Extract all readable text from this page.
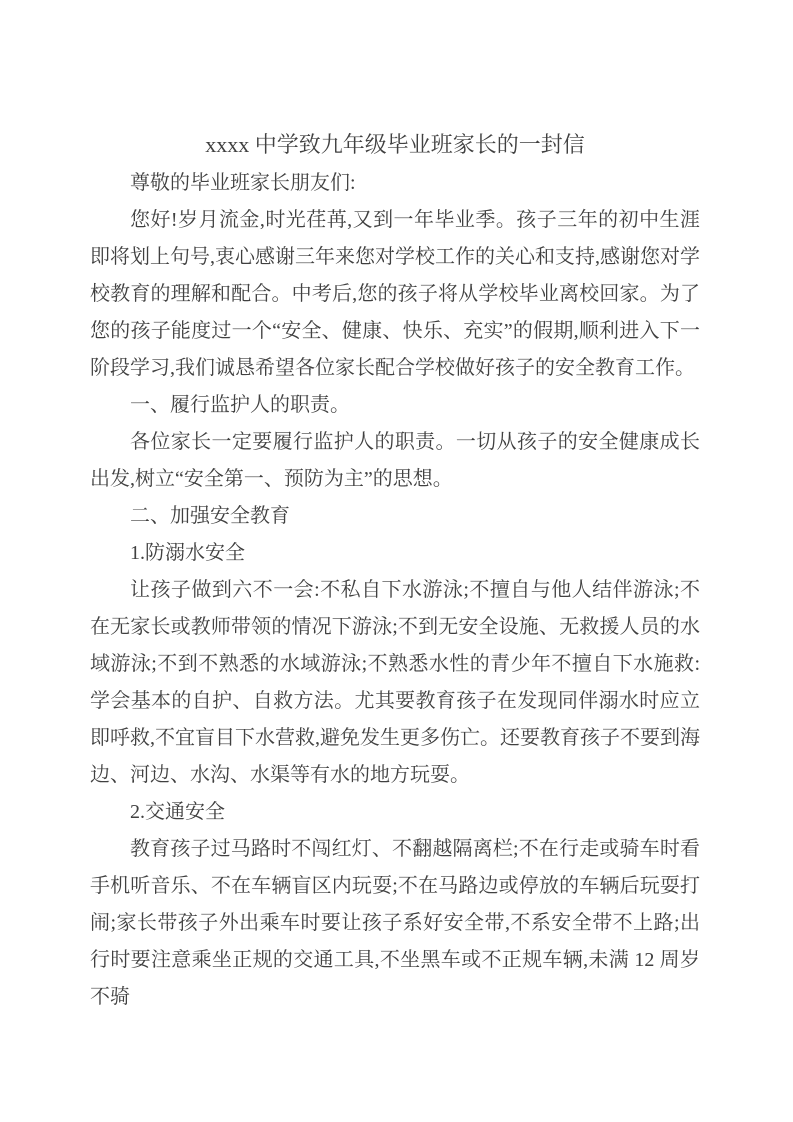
xxxx 中学致九年级毕业班家长的一封信

尊敬的毕业班家长朋友们:

您好!岁月流金,时光荏苒,又到一年毕业季。孩子三年的初中生涯即将划上句号,衷心感谢三年来您对学校工作的关心和支持,感谢您对学校教育的理解和配合。中考后,您的孩子将从学校毕业离校回家。为了您的孩子能度过一个“安全、健康、快乐、充实”的假期,顺利进入下一阶段学习,我们诚恳希望各位家长配合学校做好孩子的安全教育工作。

一、履行监护人的职责。

各位家长一定要履行监护人的职责。一切从孩子的安全健康成长出发,树立“安全第一、预防为主”的思想。

二、加强安全教育

1.防溺水安全

让孩子做到六不一会:不私自下水游泳;不擅自与他人结伴游泳;不在无家长或教师带领的情况下游泳;不到无安全设施、无救援人员的水域游泳;不到不熟悉的水域游泳;不熟悉水性的青少年不擅自下水施救:学会基本的自护、自救方法。尤其要教育孩子在发现同伴溺水时应立即呼救,不宜盲目下水营救,避免发生更多伤亡。还要教育孩子不要到海边、河边、水沟、水渠等有水的地方玩耍。

2.交通安全

教育孩子过马路时不闯红灯、不翻越隔离栏;不在行走或骑车时看手机听音乐、不在车辆盲区内玩耍;不在马路边或停放的车辆后玩耍打闹;家长带孩子外出乘车时要让孩子系好安全带,不系安全带不上路;出行时要注意乘坐正规的交通工具,不坐黑车或不正规车辆,未满 12 周岁不骑
